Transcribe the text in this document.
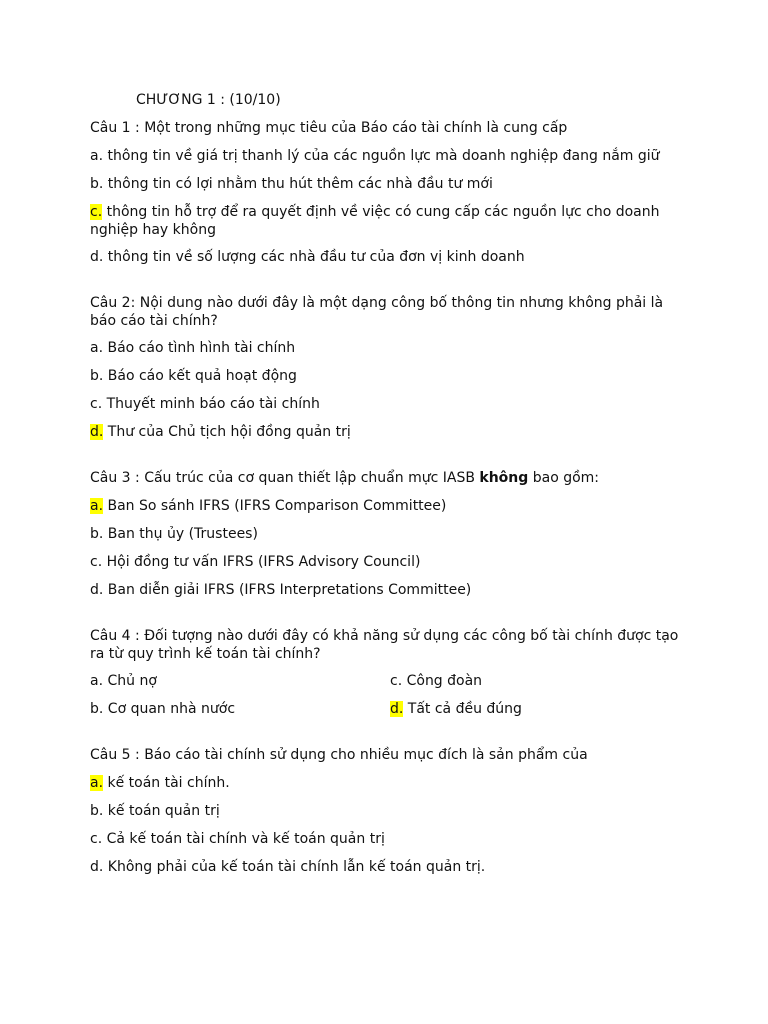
CHƯƠNG 1 : (10/10)
Câu 1 : Một trong những mục tiêu của Báo cáo tài chính là cung cấp
a. thông tin về giá trị thanh lý của các nguồn lực mà doanh nghiệp đang nắm giữ
b. thông tin có lợi nhằm thu hút thêm các nhà đầu tư mới
c. thông tin hỗ trợ để ra quyết định về việc có cung cấp các nguồn lực cho doanh nghiệp hay không
d. thông tin về số lượng các nhà đầu tư của đơn vị kinh doanh
Câu 2: Nội dung nào dưới đây là một dạng công bố thông tin nhưng không phải là báo cáo tài chính?
a. Báo cáo tình hình tài chính
b. Báo cáo kết quả hoạt động
c. Thuyết minh báo cáo tài chính
d. Thư của Chủ tịch hội đồng quản trị
Câu 3 : Cấu trúc của cơ quan thiết lập chuẩn mực IASB không bao gồm:
a. Ban So sánh IFRS (IFRS Comparison Committee)
b. Ban thụ ủy (Trustees)
c. Hội đồng tư vấn IFRS (IFRS Advisory Council)
d. Ban diễn giải IFRS (IFRS Interpretations Committee)
Câu 4 : Đối tượng nào dưới đây có khả năng sử dụng các công bố tài chính được tạo ra từ quy trình kế toán tài chính?
a. Chủ nợ	c. Công đoàn
b. Cơ quan nhà nước	d. Tất cả đều đúng
Câu 5 : Báo cáo tài chính sử dụng cho nhiều mục đích là sản phẩm của
a. kế toán tài chính.
b. kế toán quản trị
c. Cả kế toán tài chính và kế toán quản trị
d. Không phải của kế toán tài chính lẫn kế toán quản trị.
